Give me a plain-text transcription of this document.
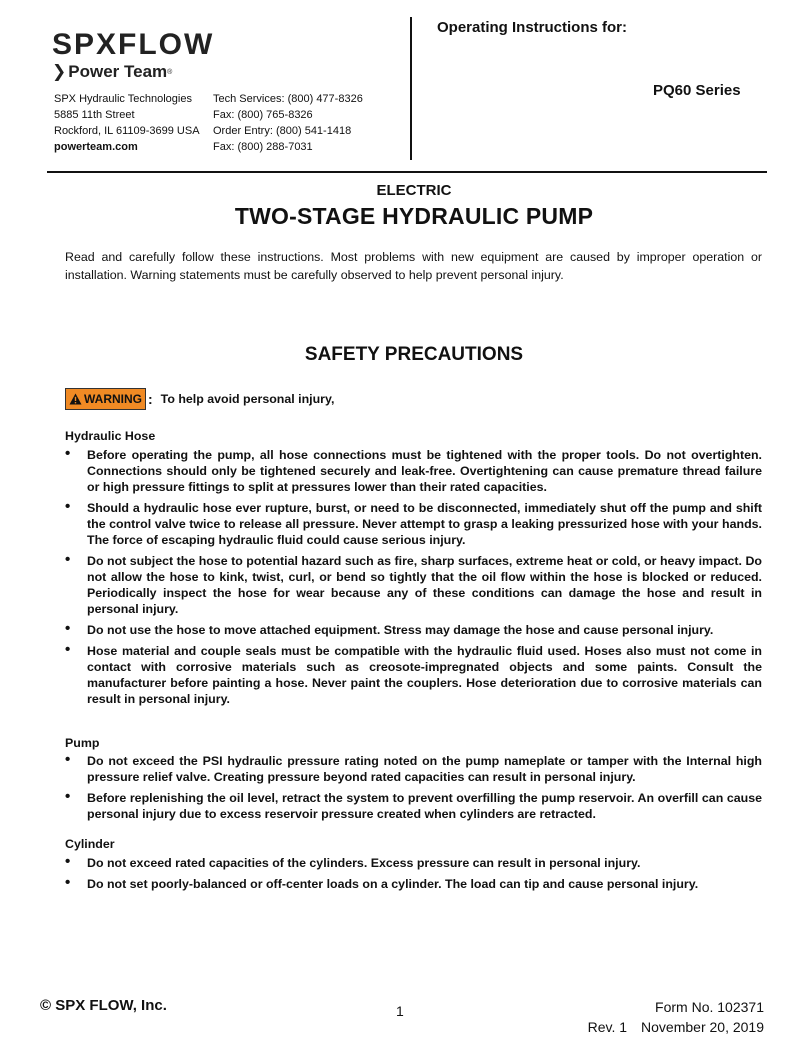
SPXFLOW
❯ Power Team ®
SPX Hydraulic Technologies
5885 11th Street
Rockford, IL 61109-3699 USA
powerteam.com
Tech Services: (800) 477-8326
Fax: (800) 765-8326
Order Entry: (800) 541-1418
Fax: (800) 288-7031
Operating Instructions for:
PQ60 Series
ELECTRIC
TWO-STAGE HYDRAULIC PUMP
Read and carefully follow these instructions. Most problems with new equipment are caused by improper operation or installation. Warning statements must be carefully observed to help prevent personal injury.
SAFETY PRECAUTIONS
WARNING : To help avoid personal injury,
Hydraulic Hose
• Before operating the pump, all hose connections must be tightened with the proper tools. Do not overtighten. Connections should only be tightened securely and leak-free. Overtightening can cause premature thread failure or high pressure fittings to split at pressures lower than their rated capacities.
• Should a hydraulic hose ever rupture, burst, or need to be disconnected, immediately shut off the pump and shift the control valve twice to release all pressure. Never attempt to grasp a leaking pressurized hose with your hands. The force of escaping hydraulic fluid could cause serious injury.
• Do not subject the hose to potential hazard such as fire, sharp surfaces, extreme heat or cold, or heavy impact. Do not allow the hose to kink, twist, curl, or bend so tightly that the oil flow within the hose is blocked or reduced. Periodically inspect the hose for wear because any of these conditions can damage the hose and result in personal injury.
• Do not use the hose to move attached equipment. Stress may damage the hose and cause personal injury.
• Hose material and couple seals must be compatible with the hydraulic fluid used. Hoses also must not come in contact with corrosive materials such as creosote-impregnated objects and some paints. Consult the manufacturer before painting a hose. Never paint the couplers. Hose deterioration due to corrosive materials can result in personal injury.
Pump
• Do not exceed the PSI hydraulic pressure rating noted on the pump nameplate or tamper with the Internal high pressure relief valve. Creating pressure beyond rated capacities can result in personal injury.
• Before replenishing the oil level, retract the system to prevent overfilling the pump reservoir. An overfill can cause personal injury due to excess reservoir pressure created when cylinders are retracted.
Cylinder
• Do not exceed rated capacities of the cylinders. Excess pressure can result in personal injury.
• Do not set poorly-balanced or off-center loads on a cylinder. The load can tip and cause personal injury.
© SPX FLOW, Inc.	1	Form No. 102371
Rev. 1 November 20, 2019
